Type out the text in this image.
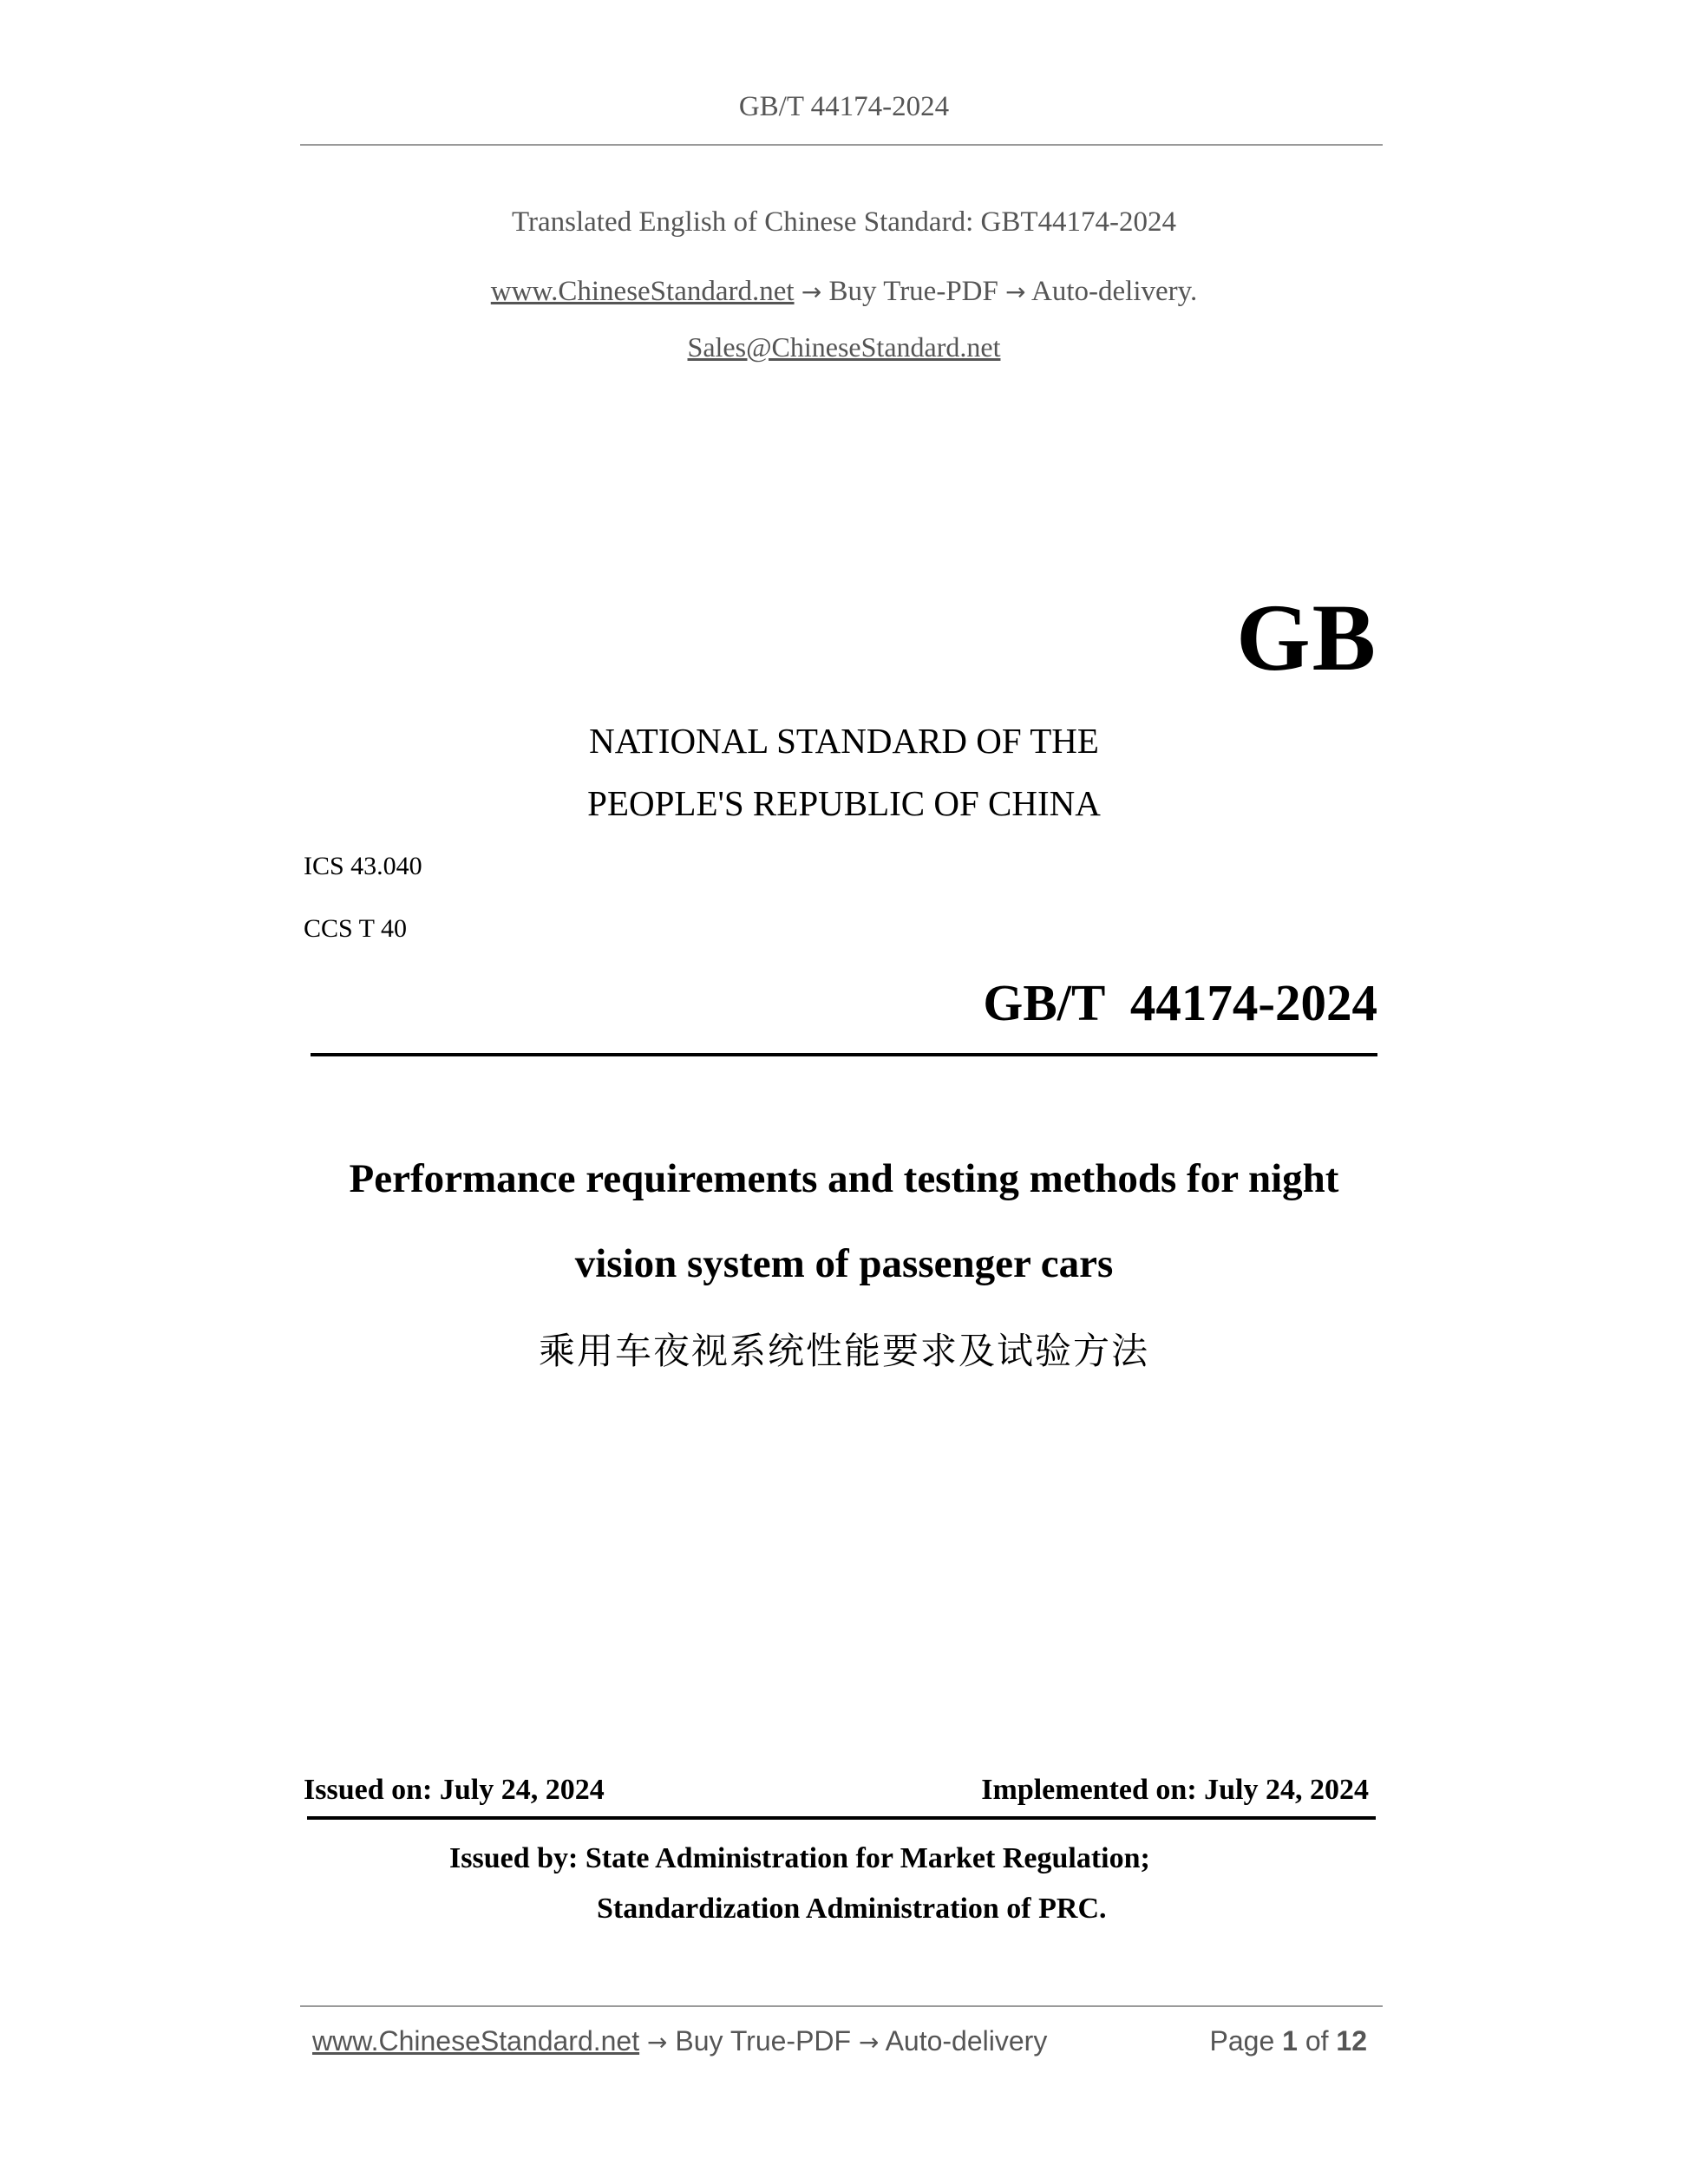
GB/T 44174-2024
Translated English of Chinese Standard: GBT44174-2024
www.ChineseStandard.net → Buy True-PDF → Auto-delivery.
Sales@ChineseStandard.net
GB
NATIONAL STANDARD OF THE
PEOPLE'S REPUBLIC OF CHINA
ICS 43.040
CCS T 40
GB/T  44174-2024
Performance requirements and testing methods for night
vision system of passenger cars
乘用车夜视系统性能要求及试验方法
Issued on: July 24, 2024	Implemented on: July 24, 2024
Issued by: State Administration for Market Regulation;
Standardization Administration of PRC.
www.ChineseStandard.net → Buy True-PDF → Auto-delivery	Page 1 of 12
